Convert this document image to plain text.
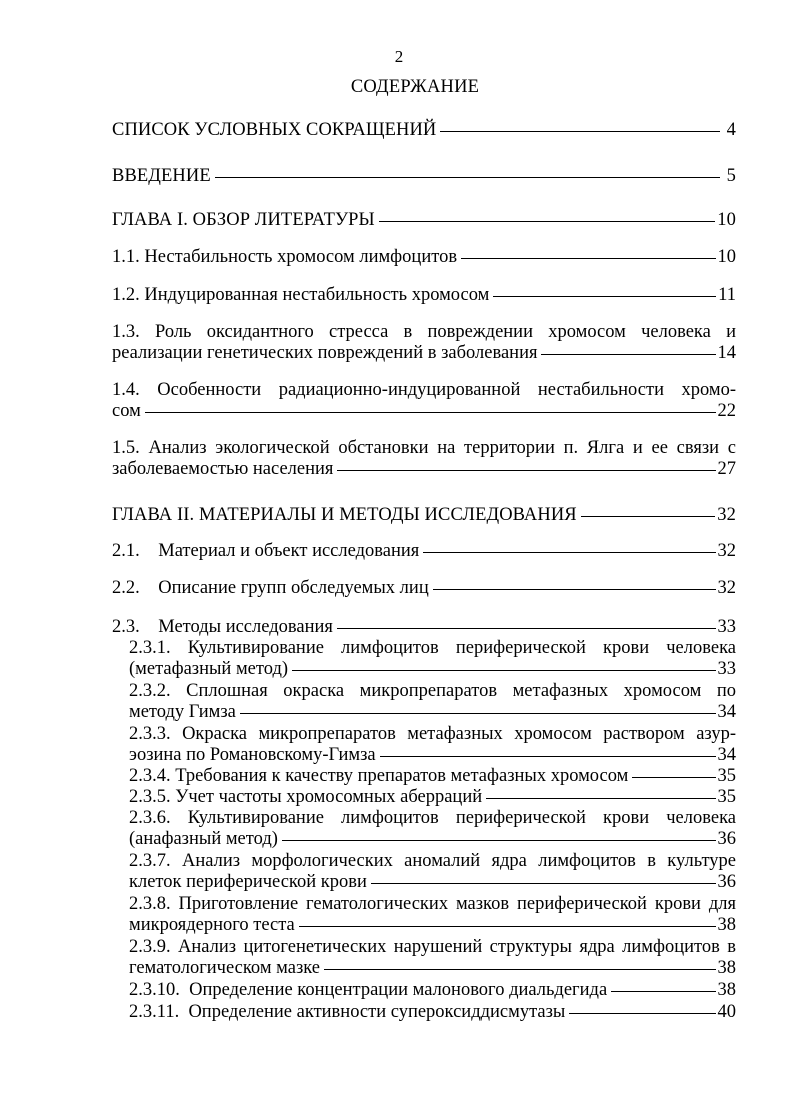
2
СОДЕРЖАНИЕ
СПИСОК УСЛОВНЫХ СОКРАЩЕНИЙ	4
ВВЕДЕНИЕ	5
ГЛАВА I. ОБЗОР ЛИТЕРАТУРЫ	10
1.1. Нестабильность хромосом лимфоцитов	10
1.2. Индуцированная нестабильность хромосом	11
1.3. Роль оксидантного стресса в повреждении хромосом человека и
реализации генетических повреждений в заболевания	14
1.4. Особенности радиационно-индуцированной нестабильности хромо-
сом	22
1.5. Анализ экологической обстановки на территории п. Ялга и ее связи с
заболеваемостью населения	27
ГЛАВА II. МАТЕРИАЛЫ И МЕТОДЫ ИССЛЕДОВАНИЯ	32
2.1.    Материал и объект исследования	32
2.2.    Описание групп обследуемых лиц	32
2.3.    Методы исследования	33
2.3.1. Культивирование лимфоцитов периферической крови человека
(метафазный метод)	33
2.3.2. Сплошная окраска микропрепаратов метафазных хромосом по
методу Гимза	34
2.3.3. Окраска микропрепаратов метафазных хромосом раствором азур-
эозина по Романовскому-Гимза	34
2.3.4. Требования к качеству препаратов метафазных хромосом	35
2.3.5. Учет частоты хромосомных аберраций	35
2.3.6. Культивирование лимфоцитов периферической крови человека
(анафазный метод)	36
2.3.7. Анализ морфологических аномалий ядра лимфоцитов в культуре
клеток периферической крови	36
2.3.8. Приготовление гематологических мазков периферической крови для
микроядерного теста	38
2.3.9. Анализ цитогенетических нарушений структуры ядра лимфоцитов в
гематологическом мазке	38
2.3.10.  Определение концентрации малонового диальдегида	38
2.3.11.  Определение активности супероксиддисмутазы	40
